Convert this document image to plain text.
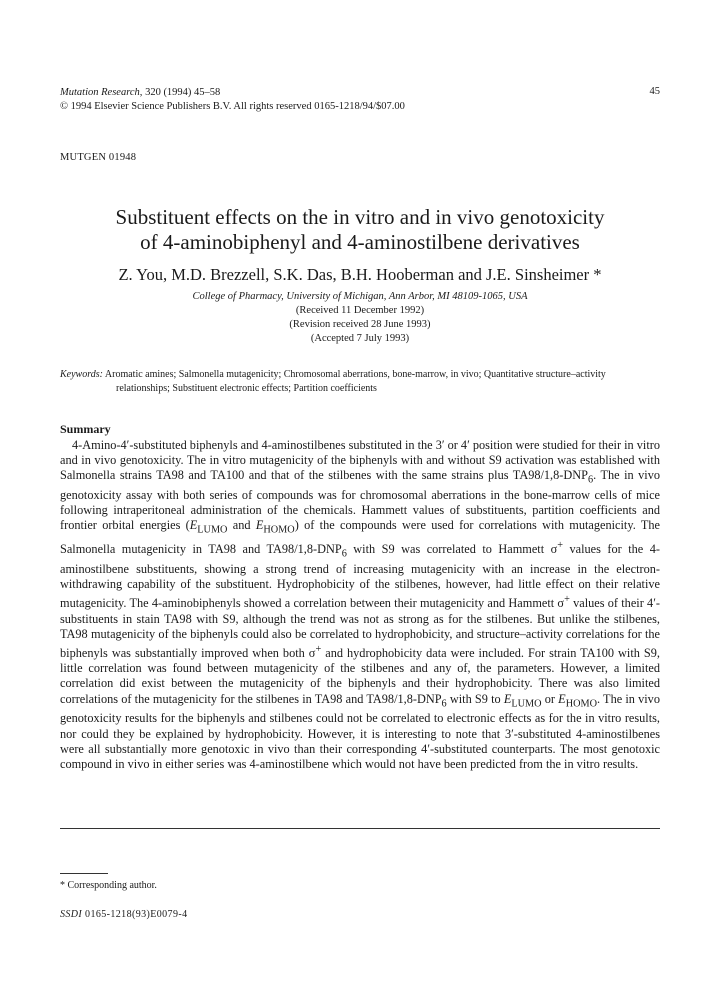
Mutation Research, 320 (1994) 45–58
© 1994 Elsevier Science Publishers B.V. All rights reserved 0165-1218/94/$07.00
45
MUTGEN 01948
Substituent effects on the in vitro and in vivo genotoxicity
of 4-aminobiphenyl and 4-aminostilbene derivatives
Z. You, M.D. Brezzell, S.K. Das, B.H. Hooberman and J.E. Sinsheimer *
College of Pharmacy, University of Michigan, Ann Arbor, MI 48109-1065, USA
(Received 11 December 1992)
(Revision received 28 June 1993)
(Accepted 7 July 1993)
Keywords: Aromatic amines; Salmonella mutagenicity; Chromosomal aberrations, bone-marrow, in vivo; Quantitative structure–activity relationships; Substituent electronic effects; Partition coefficients
Summary

4-Amino-4′-substituted biphenyls and 4-aminostilbenes substituted in the 3′ or 4′ position were studied for their in vitro and in vivo genotoxicity. The in vitro mutagenicity of the biphenyls with and without S9 activation was established with Salmonella strains TA98 and TA100 and that of the stilbenes with the same strains plus $TA98/1,8-DNP_6$. The in vivo genotoxicity assay with both series of compounds was for chromosomal aberrations in the bone-marrow cells of mice following intraperitoneal administration of the chemicals. Hammett values of substituents, partition coefficients and frontier orbital energies ($E_{LUMO}$ and $E_{HOMO}$) of the compounds were used for correlations with mutagenicity. The Salmonella mutagenicity in TA98 and $TA98/1,8-DNP_6$ with S9 was correlated to Hammett σ+ values for the 4-aminostilbene substituents, showing a strong trend of increasing mutagenicity with an increase in the electron-withdrawing capability of the substituent. Hydrophobicity of the stilbenes, however, had little effect on their relative mutagenicity. The 4-aminobiphenyls showed a correlation between their mutagenicity and Hammett σ+ values of their 4′-substituents in stain TA98 with S9, although the trend was not as strong as for the stilbenes. But unlike the stilbenes, TA98 mutagenicity of the biphenyls could also be correlated to hydrophobicity, and structure–activity correlations for the biphenyls was substantially improved when both σ+ and hydrophobicity data were included. For strain TA100 with S9, little correlation was found between mutagenicity of the stilbenes and any of, the parameters. However, a limited correlation did exist between the mutagenicity of the biphenyls and their hydrophobicity. There was also limited correlations of the mutagenicity for the stilbenes in TA98 and $TA98/1,8-DNP_6$ with S9 to $E_{LUMO}$ or $E_{HOMO}$. The in vivo genotoxicity results for the biphenyls and stilbenes could not be correlated to electronic effects as for the in vitro results, nor could they be explained by hydrophobicity. However, it is interesting to note that 3′-substituted 4-aminostilbenes were all substantially more genotoxic in vivo than their corresponding 4′-substituted counterparts. The most genotoxic compound in vivo in either series was 4-aminostilbene which would not have been predicted from the in vitro results.

* Corresponding author.
SSDI 0165-1218(93)E0079-4
